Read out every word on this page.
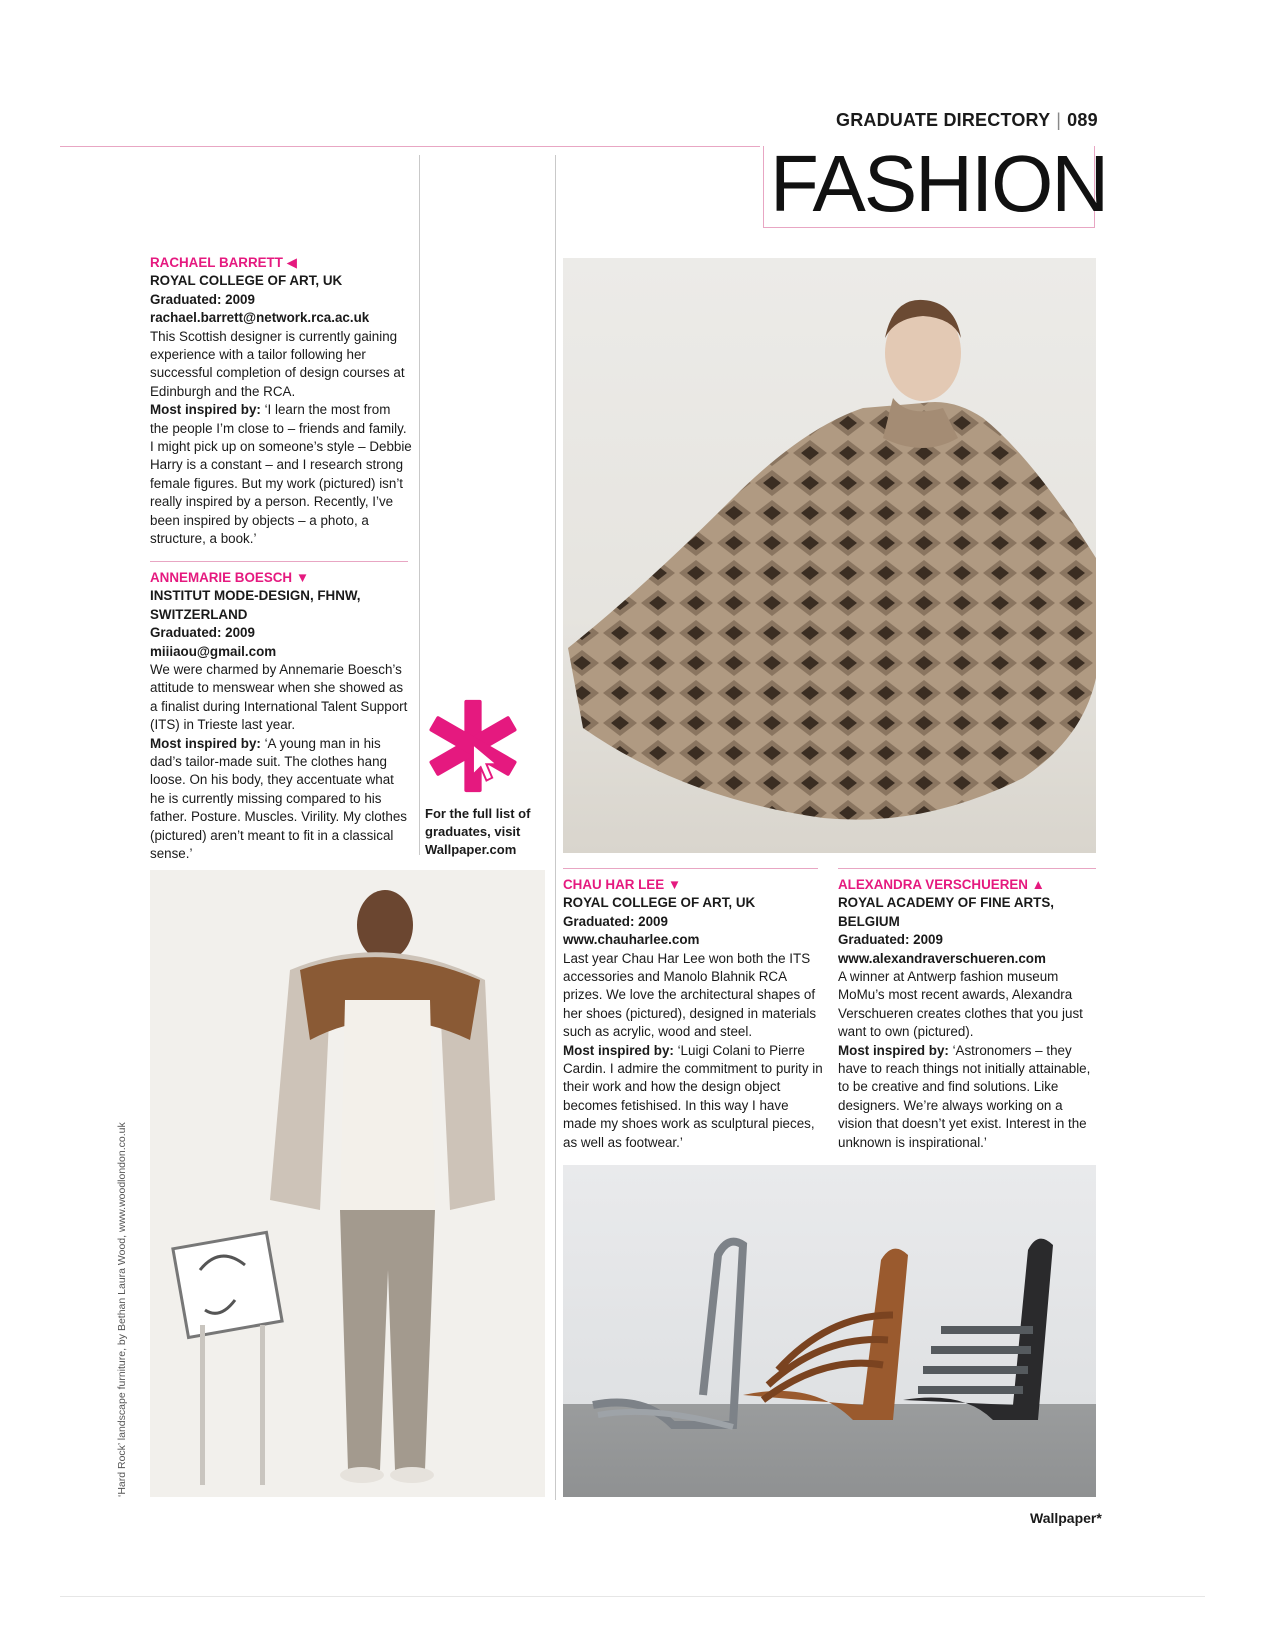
GRADUATE DIRECTORY | 089
FASHION

RACHAEL BARRETT ◀

ROYAL COLLEGE OF ART, UK

Graduated: 2009

rachael.barrett@network.rca.ac.uk

This Scottish designer is currently gaining experience with a tailor following her successful completion of design courses at Edinburgh and the RCA.

Most inspired by: ‘I learn the most from the people I’m close to – friends and family. I might pick up on someone’s style – Debbie Harry is a constant – and I research strong female figures. But my work (pictured) isn’t really inspired by a person. Recently, I’ve been inspired by objects – a photo, a structure, a book.’

ANNEMARIE BOESCH ▼

INSTITUT MODE-DESIGN, FHNW, SWITZERLAND

Graduated: 2009

miiiaou@gmail.com

We were charmed by Annemarie Boesch’s attitude to menswear when she showed as a finalist during International Talent Support (ITS) in Trieste last year.

Most inspired by: ‘A young man in his dad’s tailor-made suit. The clothes hang loose. On his body, they accentuate what he is currently missing compared to his father. Posture. Muscles. Virility. My clothes (pictured) aren’t meant to fit in a classical sense.’

For the full list of graduates, visit Wallpaper.com

CHAU HAR LEE ▼

ROYAL COLLEGE OF ART, UK

Graduated: 2009

www.chauharlee.com

Last year Chau Har Lee won both the ITS accessories and Manolo Blahnik RCA prizes. We love the architectural shapes of her shoes (pictured), designed in materials such as acrylic, wood and steel.

Most inspired by: ‘Luigi Colani to Pierre Cardin. I admire the commitment to purity in their work and how the design object becomes fetishised. In this way I have made my shoes work as sculptural pieces, as well as footwear.’

ALEXANDRA VERSCHUEREN ▲

ROYAL ACADEMY OF FINE ARTS, BELGIUM

Graduated: 2009

www.alexandraverschueren.com

A winner at Antwerp fashion museum MoMu’s most recent awards, Alexandra Verschueren creates clothes that you just want to own (pictured).

Most inspired by: ‘Astronomers – they have to reach things not initially attainable, to be creative and find solutions. Like designers. We’re always working on a vision that doesn’t yet exist. Interest in the unknown is inspirational.’

‘Hard Rock’ landscape furniture, by Bethan Laura Wood, www.woodlondon.co.uk
Wallpaper*
